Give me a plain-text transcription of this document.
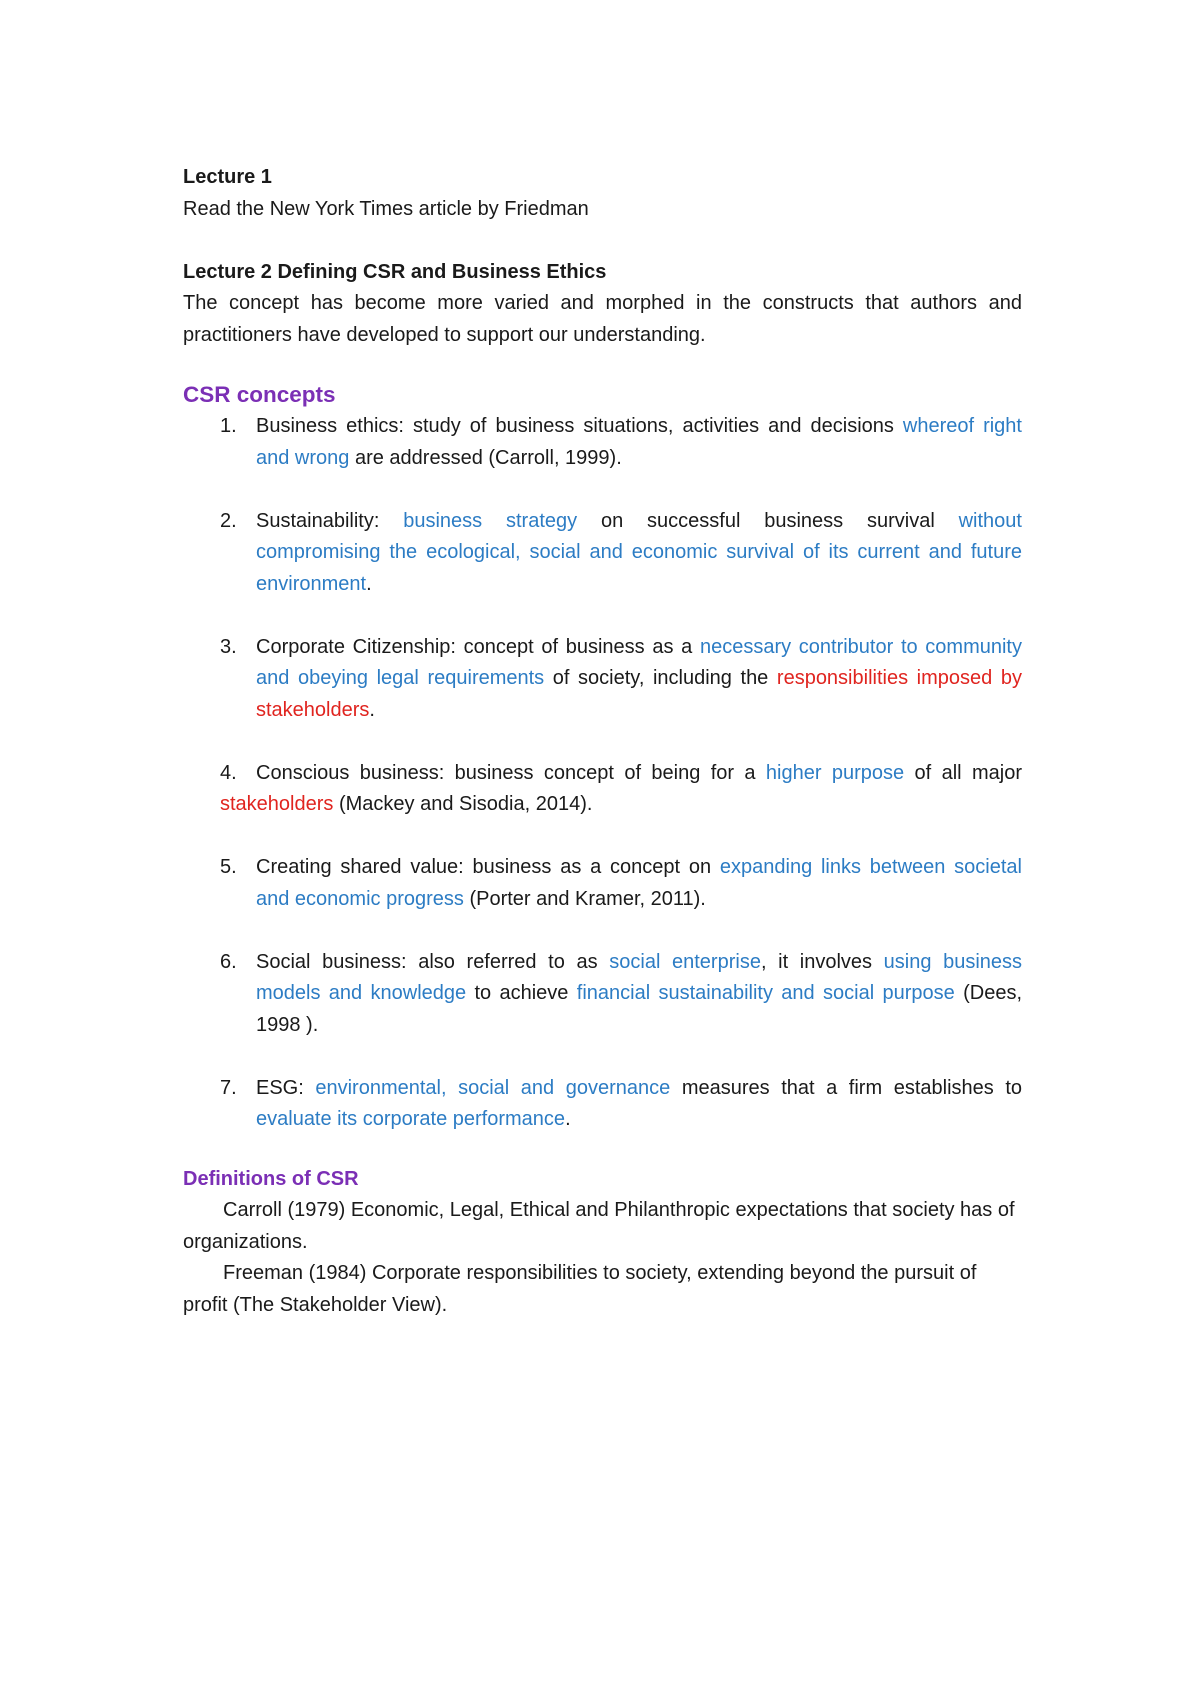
Lecture 1

Read the New York Times article by Friedman

Lecture 2 Defining CSR and Business Ethics

The concept has become more varied and morphed in the constructs that authors and practitioners have developed to support our understanding.

CSR concepts

1. Business ethics: study of business situations, activities and decisions whereof right and wrong are addressed (Carroll, 1999).
2. Sustainability: business strategy on successful business survival without compromising the ecological, social and economic survival of its current and future environment.
3. Corporate Citizenship: concept of business as a necessary contributor to community and obeying legal requirements of society, including the responsibilities imposed by stakeholders.
4. Conscious business: business concept of being for a higher purpose of all major stakeholders (Mackey and Sisodia, 2014).
5. Creating shared value: business as a concept on expanding links between societal and economic progress (Porter and Kramer, 2011).
6. Social business: also referred to as social enterprise, it involves using business models and knowledge to achieve financial sustainability and social purpose (Dees, 1998 ).
7. ESG: environmental, social and governance measures that a firm establishes to evaluate its corporate performance.

Definitions of CSR

Carroll (1979) Economic, Legal, Ethical and Philanthropic expectations that society has of organizations.

Freeman (1984) Corporate responsibilities to society, extending beyond the pursuit of profit (The Stakeholder View).
